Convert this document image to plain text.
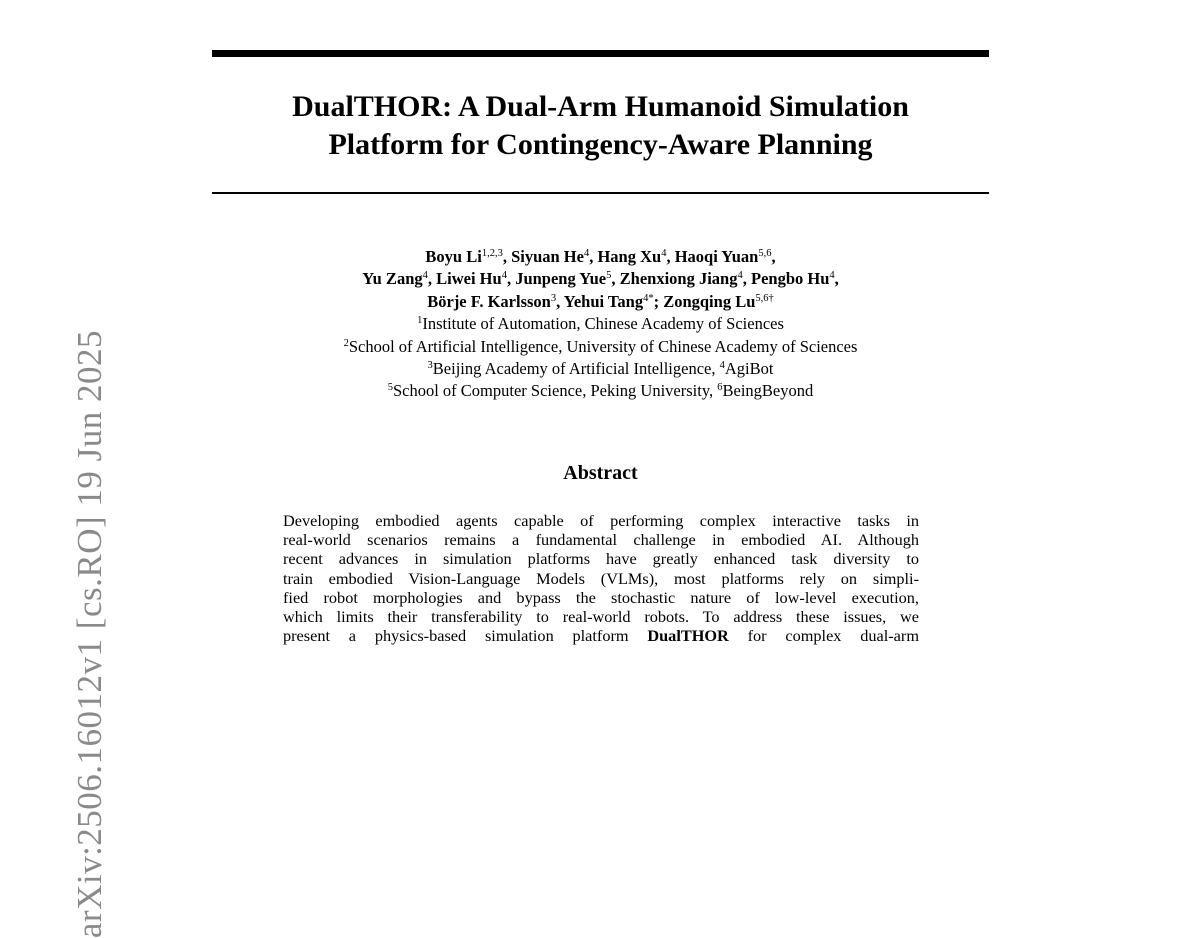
arXiv:2506.16012v1 [cs.RO] 19 Jun 2025
DualTHOR: A Dual-Arm Humanoid Simulation
Platform for Contingency-Aware Planning
Boyu Li$^{1,2,3}$, Siyuan He$^4$, Hang Xu$^4$, Haoqi Yuan$^{5,6}$,
Yu Zang$^4$, Liwei Hu$^4$, Junpeng Yue$^5$, Zhenxiong Jiang$^4$, Pengbo Hu$^4$,
Börje F. Karlsson$^3$, Yehui Tang$^{4*}$; Zongqing $Lu^{5,6\dagger}$
$^1$Institute of Automation, Chinese Academy of Sciences
$^2$School of Artificial Intelligence, University of Chinese Academy of Sciences
$^3$Beijing Academy of Artificial Intelligence, $^4$AgiBot
$^5$School of Computer Science, Peking University, $^6$BeingBeyond
Abstract
Developing embodied agents capable of performing complex interactive tasks in
real-world scenarios remains a fundamental challenge in embodied AI. Although
recent advances in simulation platforms have greatly enhanced task diversity to
train embodied Vision-Language Models (VLMs), most platforms rely on simpli-
fied robot morphologies and bypass the stochastic nature of low-level execution,
which limits their transferability to real-world robots. To address these issues, we
present a physics-based simulation platform DualTHOR for complex dual-arm
